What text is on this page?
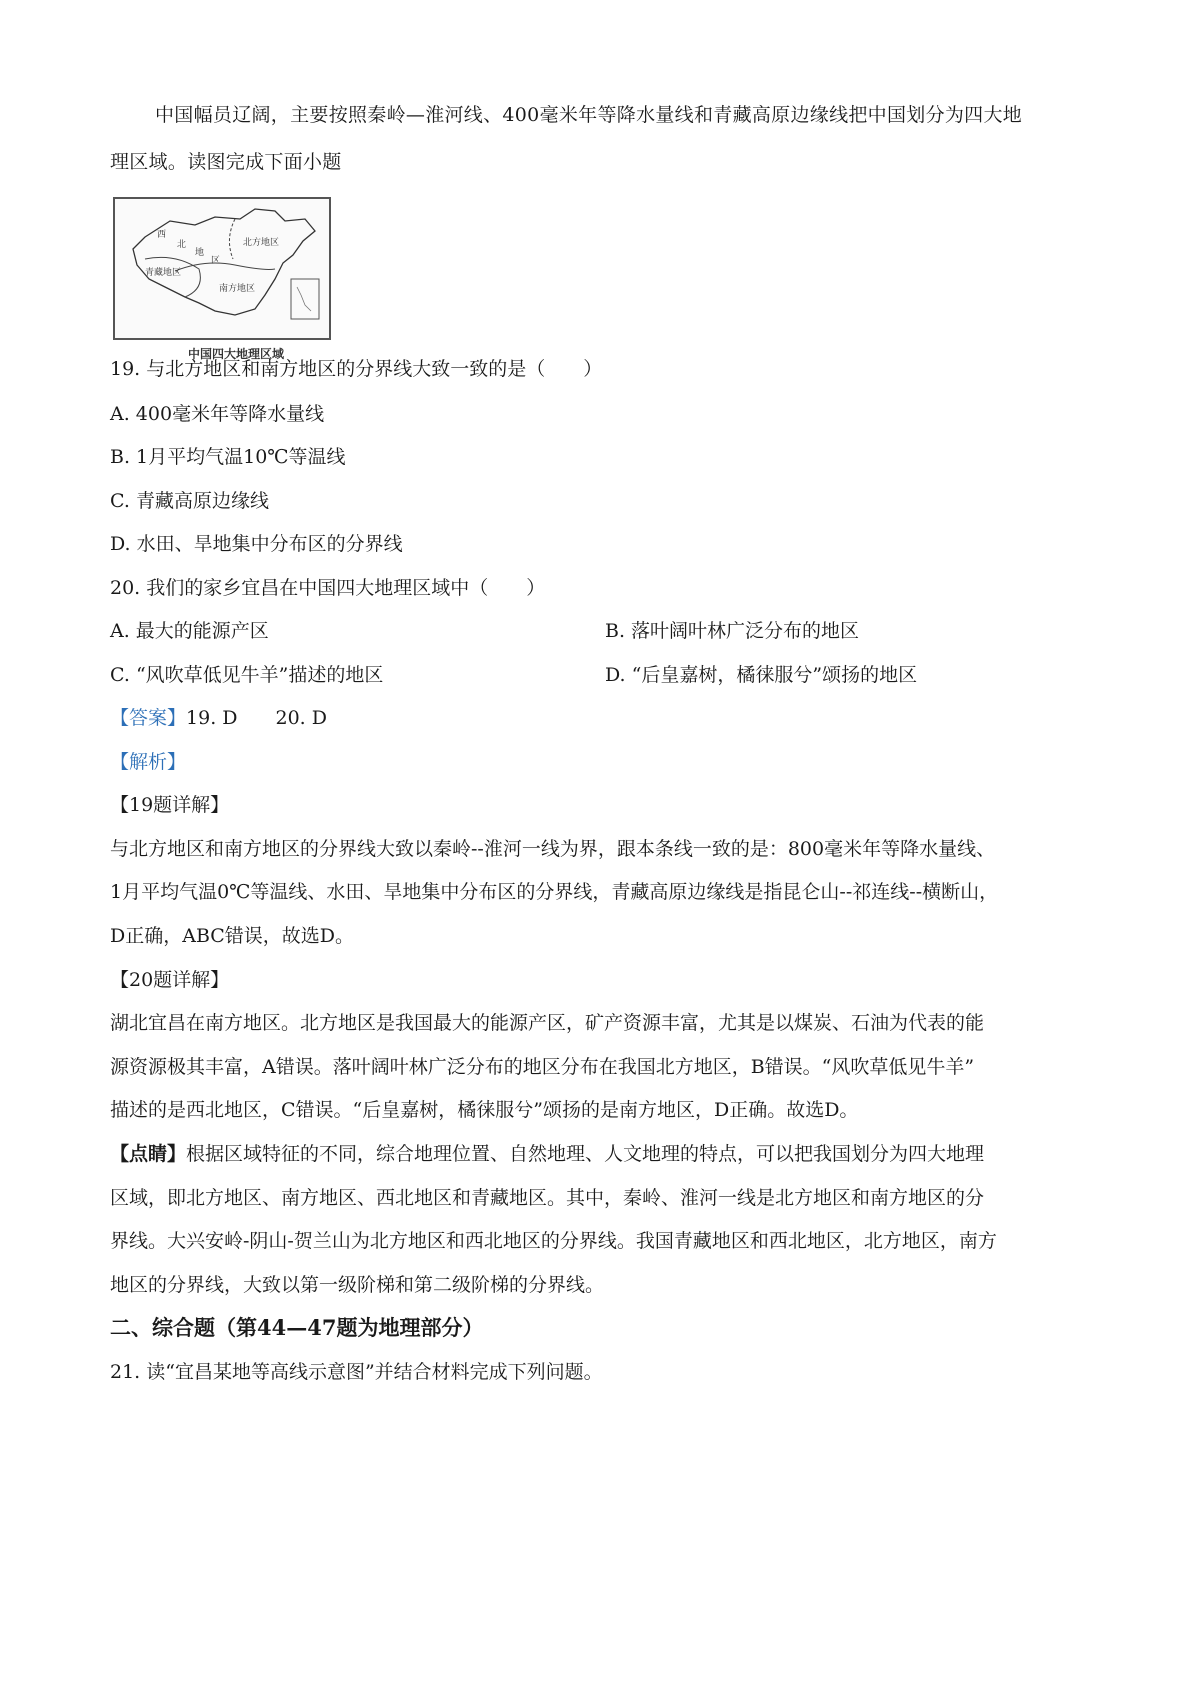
中国幅员辽阔，主要按照秦岭—淮河线、400毫米年等降水量线和青藏高原边缘线把中国划分为四大地
理区域。读图完成下面小题
西
北
地
区
青藏地区
南方地区
北方地区
中国四大地理区域
19. 与北方地区和南方地区的分界线大致一致的是（　　）
A. 400毫米年等降水量线
B. 1月平均气温10℃等温线
C. 青藏高原边缘线
D. 水田、旱地集中分布区的分界线
20. 我们的家乡宜昌在中国四大地理区域中（　　）
A. 最大的能源产区	B. 落叶阔叶林广泛分布的地区
C. “风吹草低见牛羊”描述的地区	D. “后皇嘉树，橘徕服兮”颂扬的地区
【答案】19. D　　20. D
【解析】
【19题详解】
与北方地区和南方地区的分界线大致以秦岭--淮河一线为界，跟本条线一致的是：800毫米年等降水量线、
1月平均气温0℃等温线、水田、旱地集中分布区的分界线，青藏高原边缘线是指昆仑山--祁连线--横断山，
D正确，ABC错误，故选D。
【20题详解】
湖北宜昌在南方地区。北方地区是我国最大的能源产区，矿产资源丰富，尤其是以煤炭、石油为代表的能
源资源极其丰富，A错误。落叶阔叶林广泛分布的地区分布在我国北方地区，B错误。“风吹草低见牛羊”
描述的是西北地区，C错误。“后皇嘉树，橘徕服兮”颂扬的是南方地区，D正确。故选D。
【点睛】根据区域特征的不同，综合地理位置、自然地理、人文地理的特点，可以把我国划分为四大地理
区域，即北方地区、南方地区、西北地区和青藏地区。其中，秦岭、淮河一线是北方地区和南方地区的分
界线。大兴安岭-阴山-贺兰山为北方地区和西北地区的分界线。我国青藏地区和西北地区，北方地区，南方
地区的分界线，大致以第一级阶梯和第二级阶梯的分界线。
二、综合题（第44—47题为地理部分）
21. 读“宜昌某地等高线示意图”并结合材料完成下列问题。
